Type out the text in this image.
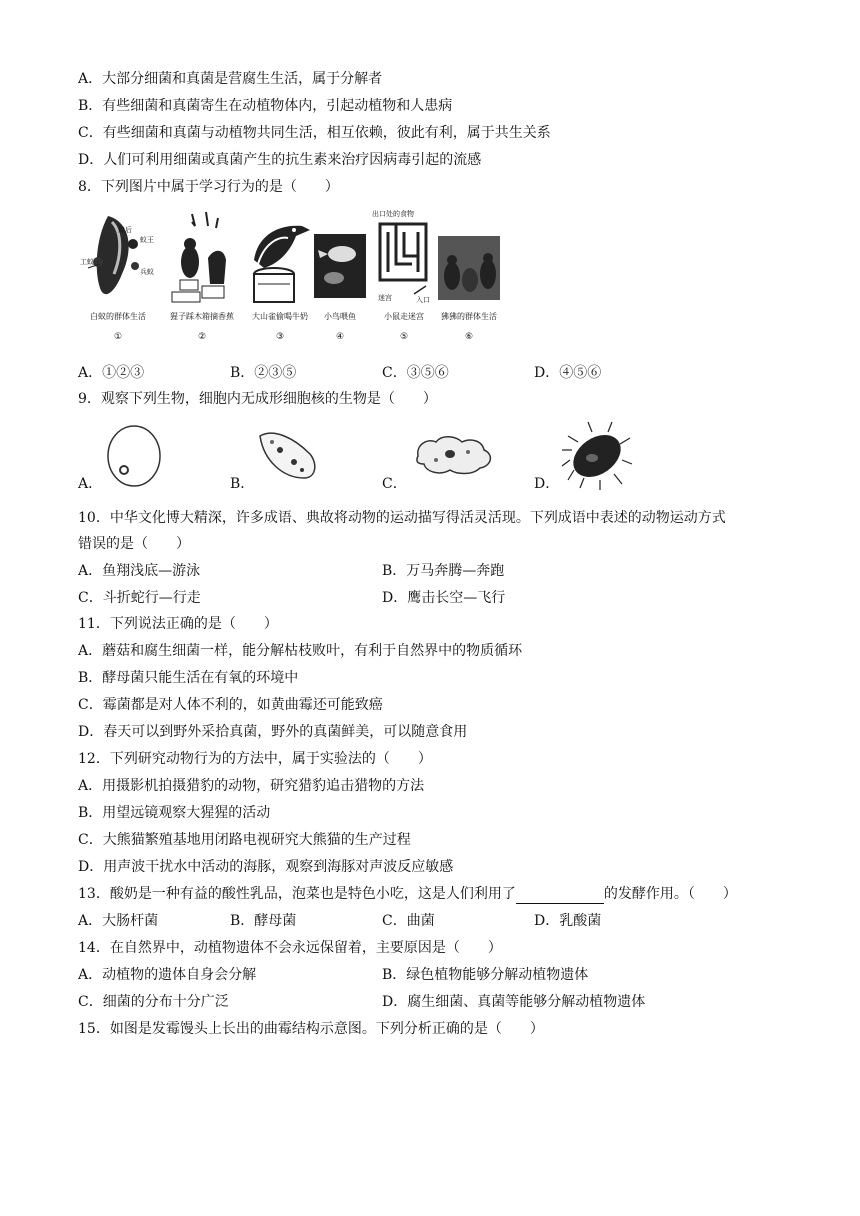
A．大部分细菌和真菌是营腐生生活，属于分解者
B．有些细菌和真菌寄生在动植物体内，引起动植物和人患病
C．有些细菌和真菌与动植物共同生活，相互依赖，彼此有利，属于共生关系
D．人们可利用细菌或真菌产生的抗生素来治疗因病毒引起的流感
8．下列图片中属于学习行为的是（　　）
工蚁
蚁后
蚁王
兵蚁
白蚁的群体生活
①
猩子踩木箱摘香蕉
②
大山雀偷喝牛奶
③
小鸟喂鱼
④
出口处的食物
迷宫	入口
小鼠走迷宫
⑤
狒狒的群体生活
⑥
A．①②③	B．②③⑤	C．③⑤⑥	D．④⑤⑥
9．观察下列生物，细胞内无成形细胞核的生物是（　　）
A．	B．	C．	D．
10．中华文化博大精深，许多成语、典故将动物的运动描写得活灵活现。下列成语中表述的动物运动方式
错误的是（　　）
A．鱼翔浅底—游泳	B．万马奔腾—奔跑
C．斗折蛇行—行走	D．鹰击长空—飞行
11．下列说法正确的是（　　）
A．蘑菇和腐生细菌一样，能分解枯枝败叶，有利于自然界中的物质循环
B．酵母菌只能生活在有氧的环境中
C．霉菌都是对人体不利的，如黄曲霉还可能致癌
D．春天可以到野外采拾真菌，野外的真菌鲜美，可以随意食用
12．下列研究动物行为的方法中，属于实验法的（　　）
A．用摄影机拍摄猎豹的动物，研究猎豹追击猎物的方法
B．用望远镜观察大猩猩的活动
C．大熊猫繁殖基地用闭路电视研究大熊猫的生产过程
D．用声波干扰水中活动的海豚，观察到海豚对声波反应敏感
13．酸奶是一种有益的酸性乳品，泡菜也是特色小吃，这是人们利用了	的发酵作用。（　　）
A．大肠杆菌	B．酵母菌	C．曲菌	D．乳酸菌
14．在自然界中，动植物遗体不会永远保留着，主要原因是（　　）
A．动植物的遗体自身会分解	B．绿色植物能够分解动植物遗体
C．细菌的分布十分广泛	D．腐生细菌、真菌等能够分解动植物遗体
15．如图是发霉馒头上长出的曲霉结构示意图。下列分析正确的是（　　）
